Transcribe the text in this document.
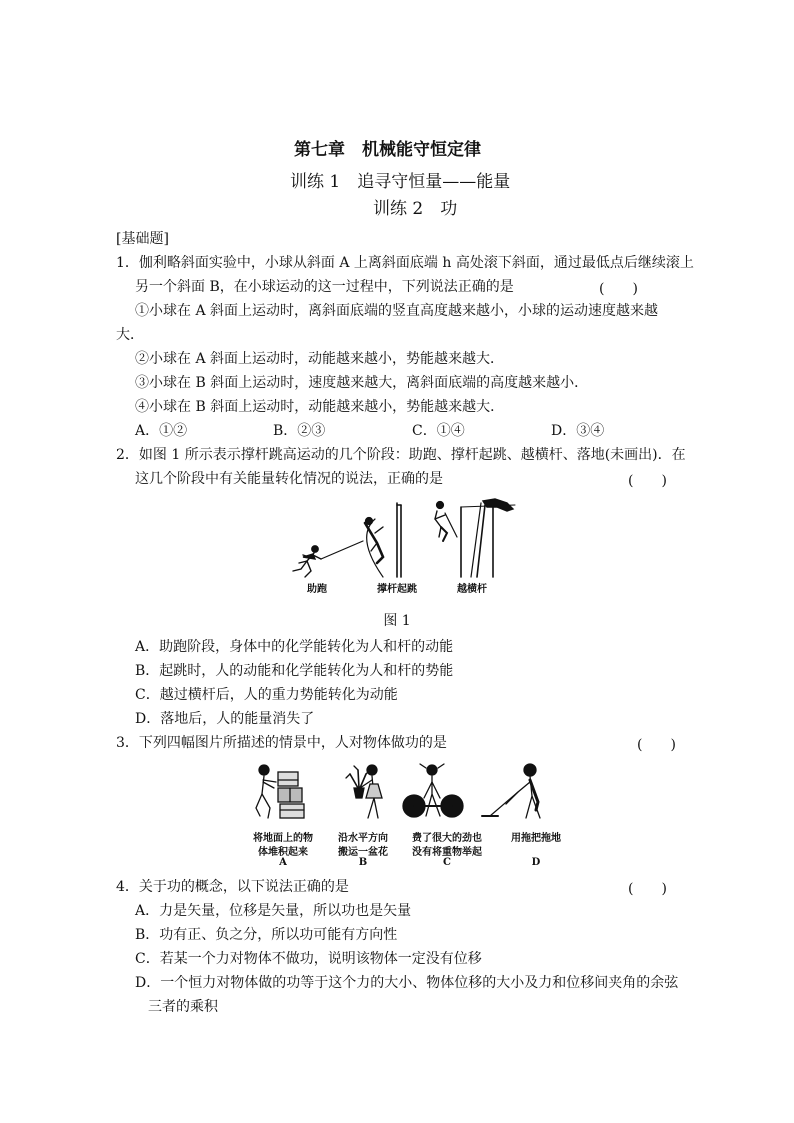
第七章　机械能守恒定律
训练 1　追寻守恒量——能量
训练 2　功
[基础题]
1．伽利略斜面实验中，小球从斜面 A 上离斜面底端 h 高处滚下斜面，通过最低点后继续滚上
另一个斜面 B，在小球运动的这一过程中，下列说法正确的是	(　　)
①小球在 A 斜面上运动时，离斜面底端的竖直高度越来越小，小球的运动速度越来越
大．
②小球在 A 斜面上运动时，动能越来越小，势能越来越大．
③小球在 B 斜面上运动时，速度越来越大，离斜面底端的高度越来越小．
④小球在 B 斜面上运动时，动能越来越小，势能越来越大．
A．①②	B．②③	C．①④	D．③④
2．如图 1 所示表示撑杆跳高运动的几个阶段：助跑、撑杆起跳、越横杆、落地(未画出)．在
这几个阶段中有关能量转化情况的说法，正确的是	(　　)
助跑	撑杆起跳	越横杆
图 1
A．助跑阶段，身体中的化学能转化为人和杆的动能
B．起跳时，人的动能和化学能转化为人和杆的势能
C．越过横杆后，人的重力势能转化为动能
D．落地后，人的能量消失了
3．下列四幅图片所描述的情景中，人对物体做功的是	(　　)
将地面上的物
体堆积起来
A
沿水平方向
搬运一盆花
B
费了很大的劲也
没有将重物举起
C
用拖把拖地
D
4．关于功的概念，以下说法正确的是	(　　)
A．力是矢量，位移是矢量，所以功也是矢量
B．功有正、负之分，所以功可能有方向性
C．若某一个力对物体不做功，说明该物体一定没有位移
D．一个恒力对物体做的功等于这个力的大小、物体位移的大小及力和位移间夹角的余弦
三者的乘积
